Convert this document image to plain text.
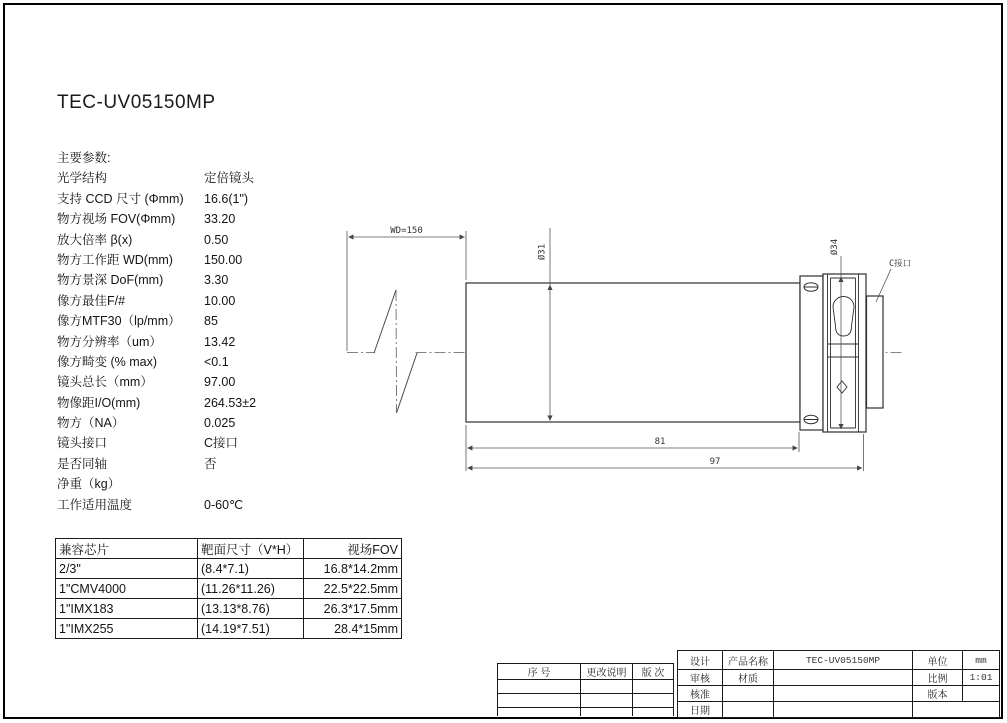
TEC-UV05150MP
主要参数:
光学结构	定倍镜头
支持 CCD 尺寸 (Φmm)	16.6(1")
物方视场 FOV(Φmm)	33.20
放大倍率 β(x)	0.50
物方工作距 WD(mm)	150.00
物方景深 DoF(mm)	3.30
像方最佳F/#	10.00
像方MTF30（lp/mm）	85
物方分辨率（um）	13.42
像方畸变 (% max)	<0.1
镜头总长（mm）	97.00
物像距I/O(mm)	264.53±2
物方（NA）	0.025
镜头接口	C接口
是否同轴	否
净重（kg）
工作适用温度	0-60℃
兼容芯片	靶面尺寸（V*H）	视场FOV
2/3"	(8.4*7.1)	16.8*14.2mm
1"CMV4000	(11.26*11.26)	22.5*22.5mm
1"IMX183	(13.13*8.76)	26.3*17.5mm
1"IMX255	(14.19*7.51)	28.4*15mm
WD=150
Ø31	Ø34
C接口
81
97
序 号	更改说明	版 次

设计	产品名称	TEC-UV05150MP	单位	mm
审核	材质		比例	1:01
核准			版本	
日期				
